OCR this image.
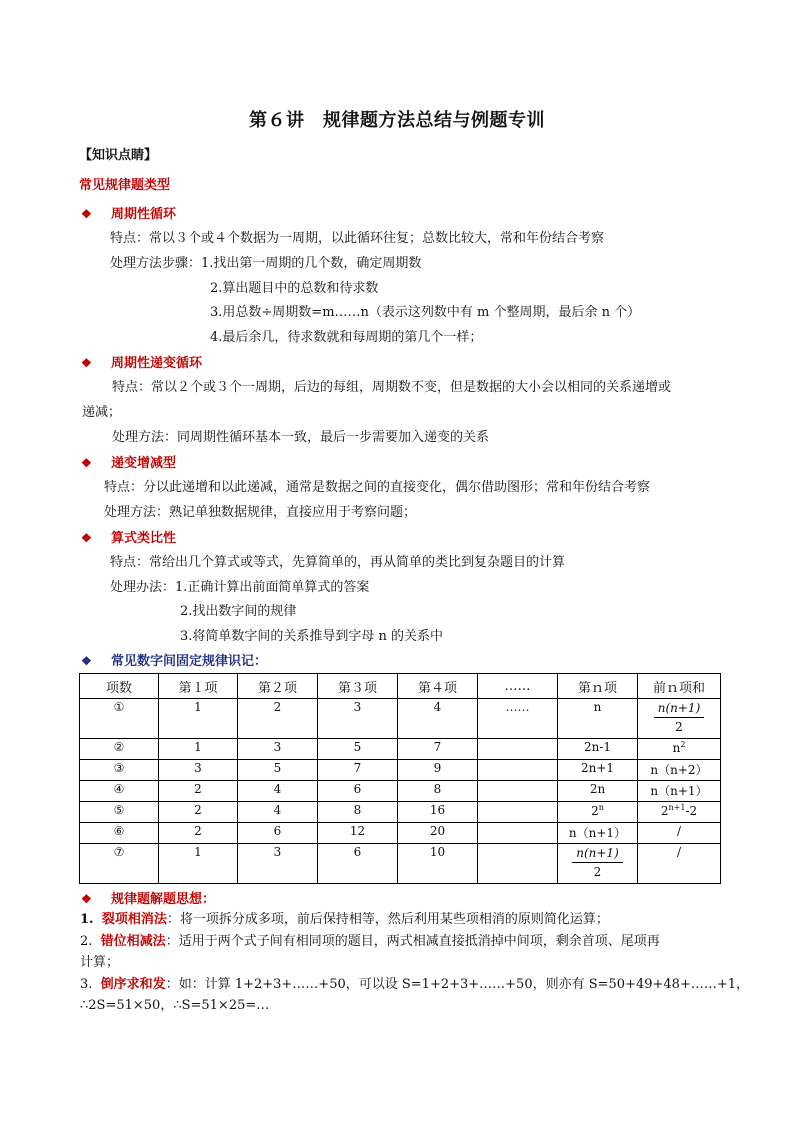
第６讲　规律题方法总结与例题专训
【知识点睛】
常见规律题类型
❖ 周期性循环
特点：常以３个或４个数据为一周期，以此循环往复；总数比较大，常和年份结合考察
处理方法步骤：1.找出第一周期的几个数，确定周期数
2.算出题目中的总数和待求数
3.用总数÷周期数=m……n（表示这列数中有 m 个整周期，最后余 n 个）
4.最后余几，待求数就和每周期的第几个一样；
❖ 周期性递变循环
特点：常以２个或３个一周期，后边的每组，周期数不变，但是数据的大小会以相同的关系递增或
递减；
处理方法：同周期性循环基本一致，最后一步需要加入递变的关系
❖ 递变增减型
特点：分以此递增和以此递减，通常是数据之间的直接变化，偶尔借助图形；常和年份结合考察
处理方法：熟记单独数据规律，直接应用于考察问题；
❖ 算式类比性
特点：常给出几个算式或等式，先算简单的，再从简单的类比到复杂题目的计算
处理办法：1.正确计算出前面简单算式的答案
2.找出数字间的规律
3.将简单数字间的关系推导到字母 n 的关系中
❖ 常见数字间固定规律识记：
项数	第１项	第２项	第３项	第４项	……	第ｎ项	前ｎ项和
①	1	2	3	4	……	n	$\frac{n(n+1)}{2}$

②	1	3	5	7		2n-1	$n^2$
③	3	5	7	9		2n+1	n（n+2）
④	2	4	6	8		2n	n（n+1）
⑤	2	4	8	16		2$^n$	$2^{n+1}-2$
⑥	2	6	12	20		n（n+1）	/
⑦	1	3	6	10		$\frac{n(n+1)}{2}$	/
❖ 规律题解题思想：
1. 裂项相消法：将一项拆分成多项，前后保持相等，然后利用某些项相消的原则简化运算；
2. 错位相减法：适用于两个式子间有相同项的题目，两式相减直接抵消掉中间项，剩余首项、尾项再
计算；
3. 倒序求和发：如：计算 1+2+3+……+50，可以设 S=1+2+3+……+50，则亦有 S=50+49+48+……+1，
∴2S=51×50，∴S=51×25=…
